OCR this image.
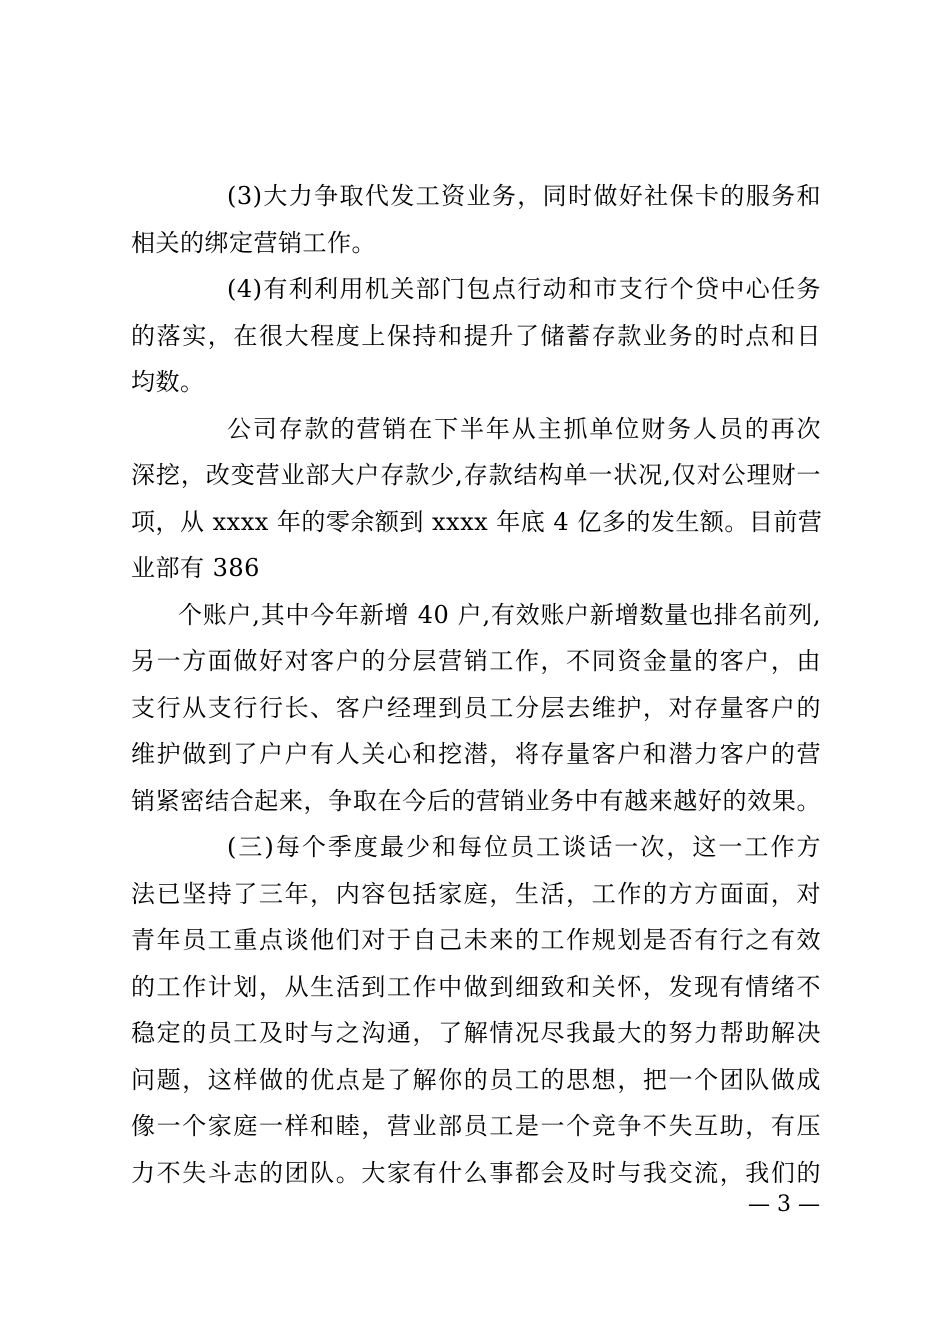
(3)大力争取代发工资业务，同时做好社保卡的服务和
相关的绑定营销工作。
(4)有利利用机关部门包点行动和市支行个贷中心任务
的落实，在很大程度上保持和提升了储蓄存款业务的时点和日
均数。
公司存款的营销在下半年从主抓单位财务人员的再次
深挖，改变营业部大户存款少,存款结构单一状况,仅对公理财一
项，从 xxxx 年的零余额到 xxxx 年底 4 亿多的发生额。目前营
业部有 386
个账户,其中今年新增 40 户,有效账户新增数量也排名前列,
另一方面做好对客户的分层营销工作，不同资金量的客户，由
支行从支行行长、客户经理到员工分层去维护，对存量客户的
维护做到了户户有人关心和挖潜，将存量客户和潜力客户的营
销紧密结合起来，争取在今后的营销业务中有越来越好的效果。
(三)每个季度最少和每位员工谈话一次，这一工作方
法已坚持了三年，内容包括家庭，生活，工作的方方面面，对
青年员工重点谈他们对于自己未来的工作规划是否有行之有效
的工作计划，从生活到工作中做到细致和关怀，发现有情绪不
稳定的员工及时与之沟通，了解情况尽我最大的努力帮助解决
问题，这样做的优点是了解你的员工的思想，把一个团队做成
像一个家庭一样和睦，营业部员工是一个竞争不失互助，有压
力不失斗志的团队。大家有什么事都会及时与我交流，我们的
— 3 —
